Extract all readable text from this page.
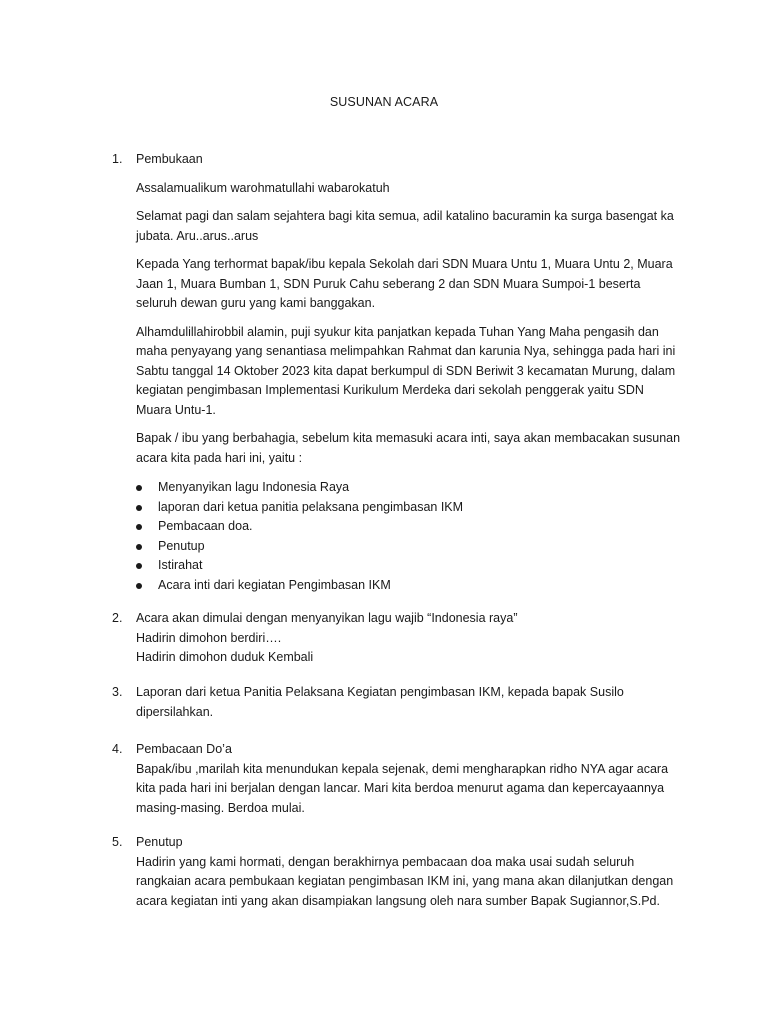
SUSUNAN ACARA
1.	Pembukaan

Assalamualikum warohmatullahi wabarokatuh

Selamat pagi dan salam sejahtera bagi kita semua, adil katalino bacuramin ka surga basengat ka jubata. Aru..arus..arus

Kepada Yang terhormat bapak/ibu kepala Sekolah dari SDN Muara Untu 1, Muara Untu 2, Muara Jaan 1, Muara Bumban 1, SDN Puruk Cahu seberang 2 dan SDN Muara Sumpoi-1 beserta seluruh dewan guru yang kami banggakan.

Alhamdulillahirobbil alamin, puji syukur kita panjatkan kepada Tuhan Yang Maha pengasih dan maha penyayang yang senantiasa melimpahkan Rahmat dan karunia Nya, sehingga pada hari ini Sabtu tanggal 14 Oktober 2023 kita dapat berkumpul di SDN Beriwit 3 kecamatan Murung, dalam kegiatan pengimbasan Implementasi Kurikulum Merdeka dari sekolah penggerak yaitu SDN Muara Untu-1.

Bapak / ibu yang berbahagia, sebelum kita memasuki acara inti, saya akan membacakan susunan acara kita pada hari ini, yaitu :

Menyanyikan lagu Indonesia Raya
laporan dari ketua panitia pelaksana pengimbasan IKM
Pembacaan doa.
Penutup
Istirahat
Acara inti dari kegiatan Pengimbasan IKM
2.	Acara akan dimulai dengan menyanyikan lagu wajib “Indonesia raya”

Hadirin dimohon berdiri….

Hadirin dimohon duduk Kembali

3.	Laporan dari ketua Panitia Pelaksana Kegiatan pengimbasan IKM, kepada bapak Susilo dipersilahkan.

4.	Pembacaan Do’a

Bapak/ibu ,marilah kita menundukan kepala sejenak, demi mengharapkan ridho NYA agar acara kita pada hari ini berjalan dengan lancar. Mari kita berdoa menurut agama dan kepercayaannya masing-masing. Berdoa mulai.

5.	Penutup

Hadirin yang kami hormati, dengan berakhirnya pembacaan doa maka usai sudah seluruh rangkaian acara pembukaan kegiatan pengimbasan IKM ini, yang mana akan dilanjutkan dengan acara kegiatan inti yang akan disampiakan langsung oleh nara sumber Bapak Sugiannor,S.Pd.
